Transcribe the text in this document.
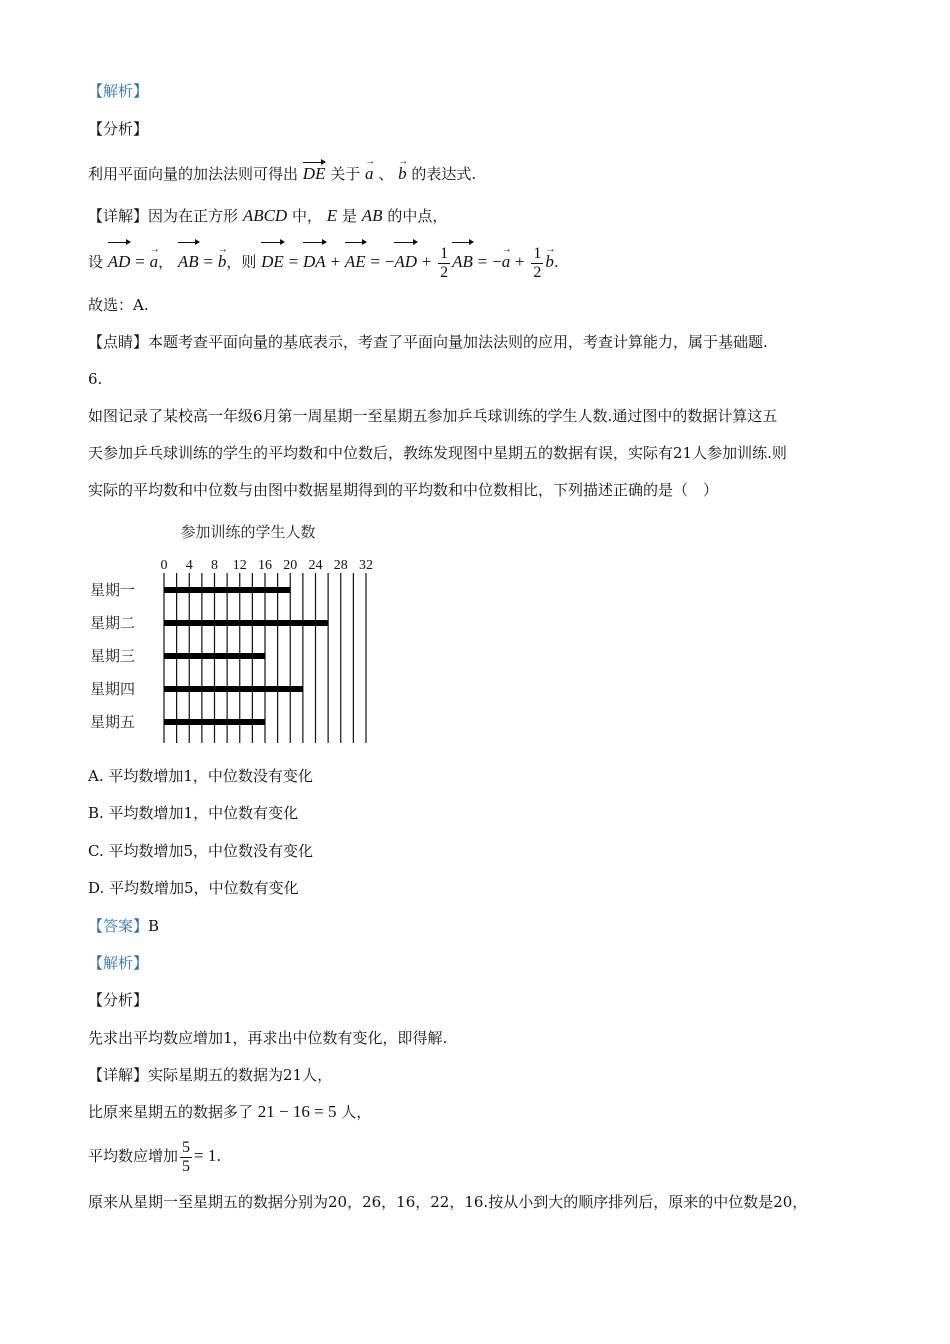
【解析】
【分析】
利用平面向量的加法法则可得出 DE 关于 a → 、 b → 的表达式.
【详解】因为在正方形 ABCD 中， E 是 AB 的中点，
设 AD = a →， AB = b →，则 DE = DA + AE = $-AD + \frac{1}{2}$ AB = −a → + $\frac{1}{2}$ b →.
故选：A.
【点睛】本题考查平面向量的基底表示，考查了平面向量加法法则的应用，考查计算能力，属于基础题.
6.
如图记录了某校高一年级6月第一周星期一至星期五参加乒乓球训练的学生人数.通过图中的数据计算这五
天参加乒乓球训练的学生的平均数和中位数后，教练发现图中星期五的数据有误，实际有21人参加训练.则
实际的平均数和中位数与由图中数据星期得到的平均数和中位数相比，下列描述正确的是（　）
参加训练的学生人数
0 4 8 12 16 20 24 28 32
星期一
星期二
星期三
星期四
星期五
A. 平均数增加1，中位数没有变化
B. 平均数增加1，中位数有变化
C. 平均数增加5，中位数没有变化
D. 平均数增加5，中位数有变化
【答案】B
【解析】
【分析】
先求出平均数应增加1，再求出中位数有变化，即得解.
【详解】实际星期五的数据为21人，
比原来星期五的数据多了 21 − 16 = 5 人，
平均数应增加 $\frac{5}{5} = 1$.
原来从星期一至星期五的数据分别为20，26，16，22，16.按从小到大的顺序排列后，原来的中位数是20，
